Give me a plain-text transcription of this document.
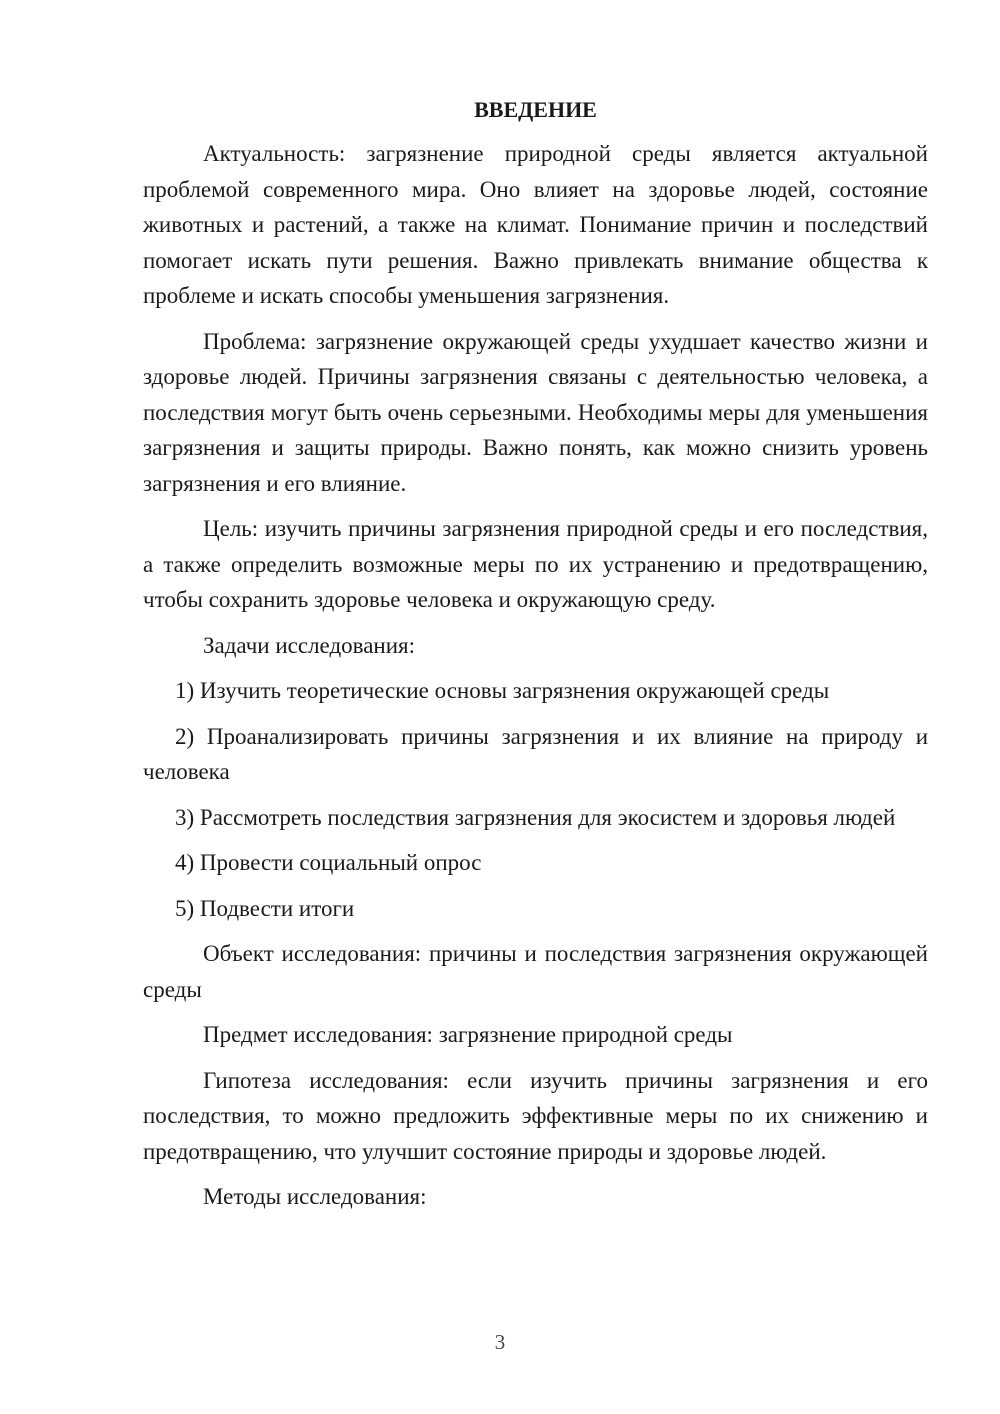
ВВЕДЕНИЕ

Актуальность: загрязнение природной среды является актуальной проблемой современного мира. Оно влияет на здоровье людей, состояние животных и растений, а также на климат. Понимание причин и последствий помогает искать пути решения. Важно привлекать внимание общества к проблеме и искать способы уменьшения загрязнения.

Проблема: загрязнение окружающей среды ухудшает качество жизни и здоровье людей. Причины загрязнения связаны с деятельностью человека, а последствия могут быть очень серьезными. Необходимы меры для уменьшения загрязнения и защиты природы. Важно понять, как можно снизить уровень загрязнения и его влияние.

Цель: изучить причины загрязнения природной среды и его последствия, а также определить возможные меры по их устранению и предотвращению, чтобы сохранить здоровье человека и окружающую среду.

Задачи исследования:

1) Изучить теоретические основы загрязнения окружающей среды

2) Проанализировать причины загрязнения и их влияние на природу и человека

3) Рассмотреть последствия загрязнения для экосистем и здоровья людей

4) Провести социальный опрос

5) Подвести итоги

Объект исследования: причины и последствия загрязнения окружающей среды

Предмет исследования: загрязнение природной среды

Гипотеза исследования: если изучить причины загрязнения и его последствия, то можно предложить эффективные меры по их снижению и предотвращению, что улучшит состояние природы и здоровье людей.

Методы исследования:

3
